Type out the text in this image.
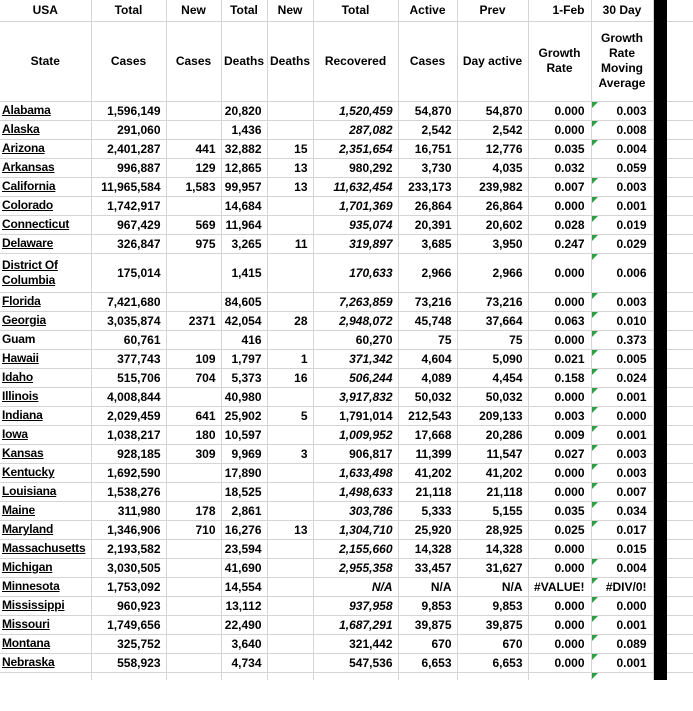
USA	Total	New	Total	New	Total	Active	Prev	1-Feb	30 Day		
State	Cases	Cases	Deaths	Deaths	Recovered	Cases	Day active	Growth Rate	Growth Rate Moving Average		
Alabama	1,596,149		20,820		1,520,459	54,870	54,870	0.000	0.003		
Alaska	291,060		1,436		287,082	2,542	2,542	0.000	0.008		
Arizona	2,401,287	441	32,882	15	2,351,654	16,751	12,776	0.035	0.004		
Arkansas	996,887	129	12,865	13	980,292	3,730	4,035	0.032	0.059		
California	11,965,584	1,583	99,957	13	11,632,454	233,173	239,982	0.007	0.003		
Colorado	1,742,917		14,684		1,701,369	26,864	26,864	0.000	0.001		
Connecticut	967,429	569	11,964		935,074	20,391	20,602	0.028	0.019		
Delaware	326,847	975	3,265	11	319,897	3,685	3,950	0.247	0.029		
District Of Columbia	175,014		1,415		170,633	2,966	2,966	0.000	0.006		
Florida	7,421,680		84,605		7,263,859	73,216	73,216	0.000	0.003		
Georgia	3,035,874	2371	42,054	28	2,948,072	45,748	37,664	0.063	0.010		
Guam	60,761		416		60,270	75	75	0.000	0.373		
Hawaii	377,743	109	1,797	1	371,342	4,604	5,090	0.021	0.005		
Idaho	515,706	704	5,373	16	506,244	4,089	4,454	0.158	0.024		
Illinois	4,008,844		40,980		3,917,832	50,032	50,032	0.000	0.001		
Indiana	2,029,459	641	25,902	5	1,791,014	212,543	209,133	0.003	0.000		
Iowa	1,038,217	180	10,597		1,009,952	17,668	20,286	0.009	0.001		
Kansas	928,185	309	9,969	3	906,817	11,399	11,547	0.027	0.003		
Kentucky	1,692,590		17,890		1,633,498	41,202	41,202	0.000	0.003		
Louisiana	1,538,276		18,525		1,498,633	21,118	21,118	0.000	0.007		
Maine	311,980	178	2,861		303,786	5,333	5,155	0.035	0.034		
Maryland	1,346,906	710	16,276	13	1,304,710	25,920	28,925	0.025	0.017		
Massachusetts	2,193,582		23,594		2,155,660	14,328	14,328	0.000	0.015		
Michigan	3,030,505		41,690		2,955,358	33,457	31,627	0.000	0.004		
Minnesota	1,753,092		14,554		N/A	N/A	N/A	#VALUE!	#DIV/0!		
Mississippi	960,923		13,112		937,958	9,853	9,853	0.000	0.000		
Missouri	1,749,656		22,490		1,687,291	39,875	39,875	0.000	0.001		
Montana	325,752		3,640		321,442	670	670	0.000	0.089		
Nebraska	558,923		4,734		547,536	6,653	6,653	0.000	0.001		
